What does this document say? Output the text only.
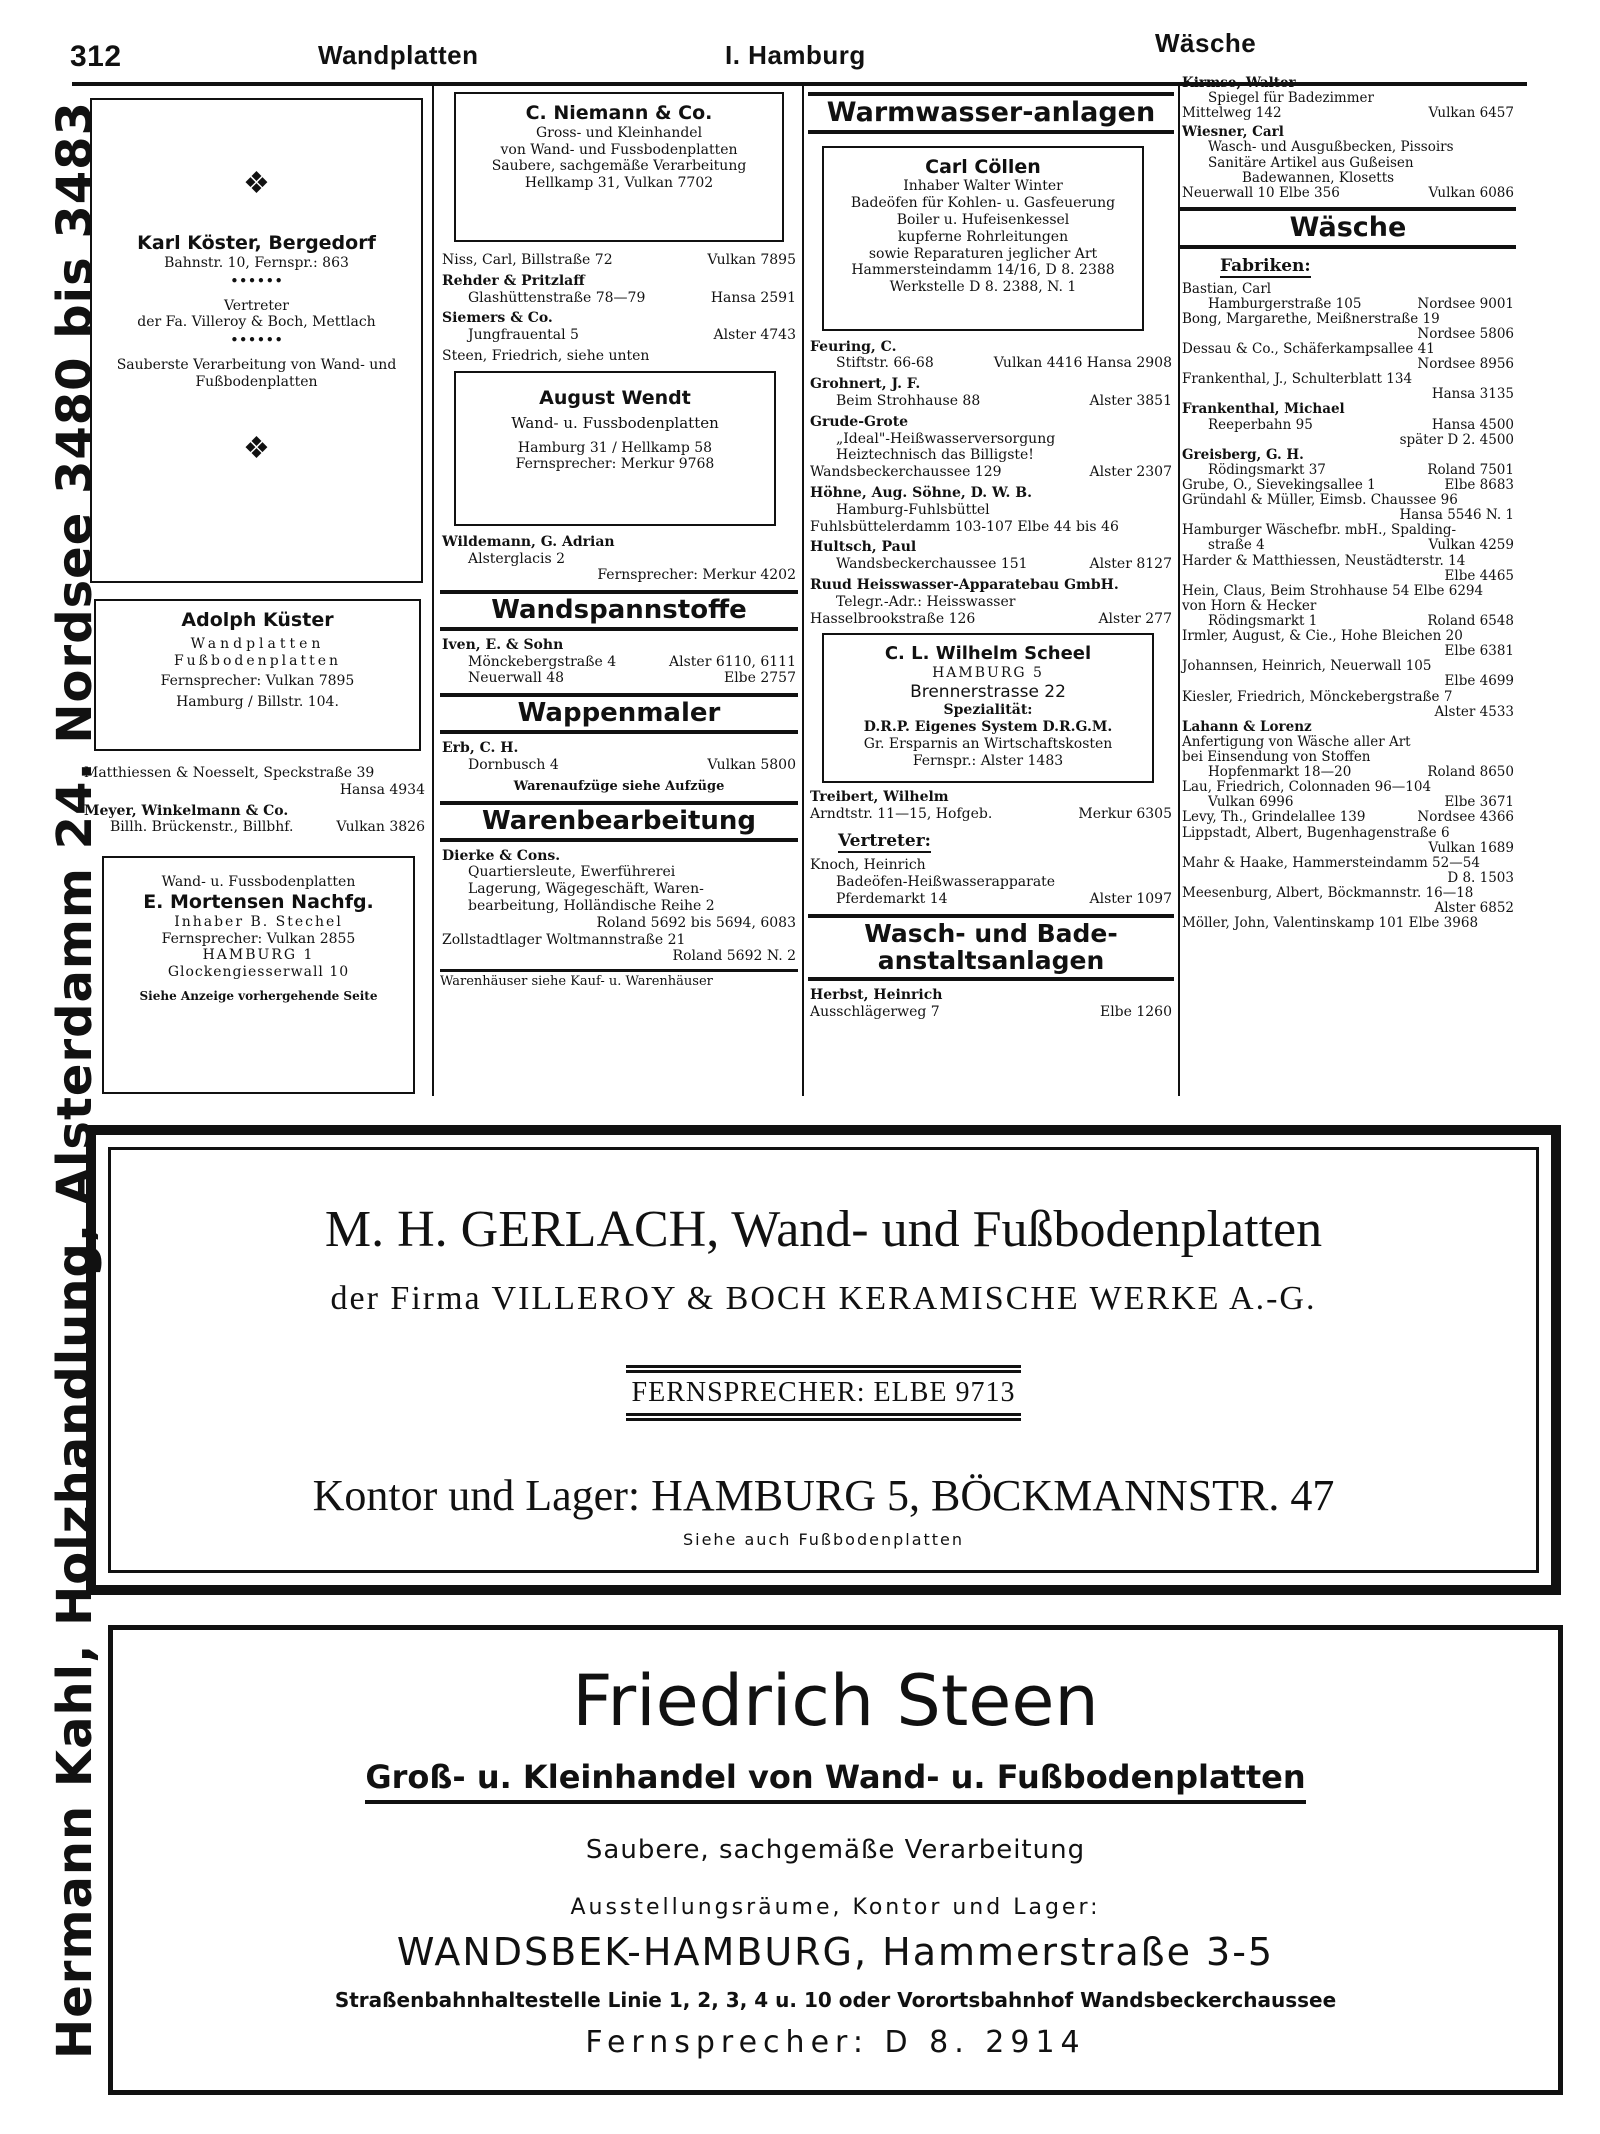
312	Wandplatten	I. Hamburg	Wäsche
Hermann Kahl, Holzhandlung, Alsterdamm 24. Nordsee 3480 bis 3483	❖
Karl Köster, Bergedorf
Bahnstr. 10, Fernspr.: 863
••••••
Vertreter
der Fa. Villeroy & Boch, Mettlach
••••••
Sauberste Verarbeitung von Wand- und Fußbodenplatten
❖
Adolph Küster
Wandplatten
Fußbodenplatten
Fernsprecher: Vulkan 7895
Hamburg / Billstr. 104.
Matthiessen & Noesselt, Speckstraße 39
Hansa 4934
Meyer, Winkelmann & Co.
Billh. Brückenstr., Billbhf.	Vulkan 3826
Wand- u. Fussbodenplatten
E. Mortensen Nachfg.
Inhaber B. Stechel
Fernsprecher: Vulkan 2855
HAMBURG 1
Glockengiesserwall 10
Siehe Anzeige vorhergehende Seite
C. Niemann & Co.
Gross- und Kleinhandel
von Wand- und Fussbodenplatten
Saubere, sachgemäße Verarbeitung
Hellkamp 31, Vulkan 7702
Niss, Carl, Billstraße 72	Vulkan 7895
Rehder & Pritzlaff
Glashüttenstraße 78—79	Hansa 2591
Siemers & Co.
Jungfrauental 5	Alster 4743
Steen, Friedrich, siehe unten
August Wendt
Wand- u. Fussbodenplatten
Hamburg 31 / Hellkamp 58
Fernsprecher: Merkur 9768
Wildemann, G. Adrian
Alsterglacis 2
Fernsprecher: Merkur 4202
Wandspannstoffe
Iven, E. & Sohn
Mönckebergstraße 4	Alster 6110, 6111
Neuerwall 48	Elbe 2757
Wappenmaler
Erb, C. H.
Dornbusch 4	Vulkan 5800
Warenaufzüge siehe Aufzüge
Warenbearbeitung
Dierke & Cons.
Quartiersleute, Ewerführerei
Lagerung, Wägegeschäft, Waren-
bearbeitung, Holländische Reihe 2
Roland 5692 bis 5694, 6083
Zollstadtlager Woltmannstraße 21
Roland 5692 N. 2
Warenhäuser siehe Kauf- u. Warenhäuser
Warmwasser-anlagen
Carl Cöllen
Inhaber Walter Winter
Badeöfen für Kohlen- u. Gasfeuerung
Boiler u. Hufeisenkessel
kupferne Rohrleitungen
sowie Reparaturen jeglicher Art
Hammersteindamm 14/16, D 8. 2388
Werkstelle D 8. 2388, N. 1
Feuring, C.
Stiftstr. 66-68	Vulkan 4416 Hansa 2908
Grohnert, J. F.
Beim Strohhause 88	Alster 3851
Grude-Grote
„Ideal"-Heißwasserversorgung
Heiztechnisch das Billigste!
Wandsbeckerchaussee 129	Alster 2307
Höhne, Aug. Söhne, D. W. B.
Hamburg-Fuhlsbüttel
Fuhlsbüttelerdamm 103-107 Elbe 44 bis 46
Hultsch, Paul
Wandsbeckerchaussee 151	Alster 8127
Ruud Heisswasser-Apparatebau GmbH.
Telegr.-Adr.: Heisswasser
Hasselbrookstraße 126	Alster 277
C. L. Wilhelm Scheel
HAMBURG 5
Brennerstrasse 22
Spezialität:
D.R.P. Eigenes System D.R.G.M.
Gr. Ersparnis an Wirtschaftskosten
Fernspr.: Alster 1483
Treibert, Wilhelm
Arndtstr. 11—15, Hofgeb.	Merkur 6305
Vertreter:
Knoch, Heinrich
Badeöfen-Heißwasserapparate
Pferdemarkt 14	Alster 1097
Wasch- und Bade-anstaltsanlagen
Herbst, Heinrich
Ausschlägerweg 7	Elbe 1260
Kirmse, Walter
Spiegel für Badezimmer
Mittelweg 142	Vulkan 6457
Wiesner, Carl
Wasch- und Ausgußbecken, Pissoirs
Sanitäre Artikel aus Gußeisen
Badewannen, Klosetts
Neuerwall 10 Elbe 356	Vulkan 6086
Wäsche
Fabriken:
Bastian, Carl
Hamburgerstraße 105	Nordsee 9001
Bong, Margarethe, Meißnerstraße 19
Nordsee 5806
Dessau & Co., Schäferkampsallee 41
Nordsee 8956
Frankenthal, J., Schulterblatt 134
Hansa 3135
Frankenthal, Michael
Reeperbahn 95	Hansa 4500
später D 2. 4500
Greisberg, G. H.
Rödingsmarkt 37	Roland 7501
Grube, O., Sievekingsallee 1	Elbe 8683
Gründahl & Müller, Eimsb. Chaussee 96
Hansa 5546 N. 1
Hamburger Wäschefbr. mbH., Spalding-
straße 4	Vulkan 4259
Harder & Matthiessen, Neustädterstr. 14
Elbe 4465
Hein, Claus, Beim Strohhause 54 Elbe 6294
von Horn & Hecker
Rödingsmarkt 1	Roland 6548
Irmler, August, & Cie., Hohe Bleichen 20
Elbe 6381
Johannsen, Heinrich, Neuerwall 105
Elbe 4699
Kiesler, Friedrich, Mönckebergstraße 7
Alster 4533
Lahann & Lorenz
Anfertigung von Wäsche aller Art
bei Einsendung von Stoffen
Hopfenmarkt 18—20	Roland 8650
Lau, Friedrich, Colonnaden 96—104
Vulkan 6996	Elbe 3671
Levy, Th., Grindelallee 139	Nordsee 4366
Lippstadt, Albert, Bugenhagenstraße 6
Vulkan 1689
Mahr & Haake, Hammersteindamm 52—54
D 8. 1503
Meesenburg, Albert, Böckmannstr. 16—18
Alster 6852
Möller, John, Valentinskamp 101 Elbe 3968
M. H. GERLACH, Wand- und Fußbodenplatten
der Firma VILLEROY & BOCH KERAMISCHE WERKE A.-G.
FERNSPRECHER: ELBE 9713
Kontor und Lager: HAMBURG 5, BÖCKMANNSTR. 47
Siehe auch Fußbodenplatten
Friedrich Steen
Groß- u. Kleinhandel von Wand- u. Fußbodenplatten
Saubere, sachgemäße Verarbeitung
Ausstellungsräume, Kontor und Lager:
WANDSBEK-HAMBURG, Hammerstraße 3-5
Straßenbahnhaltestelle Linie 1, 2, 3, 4 u. 10 oder Vorortsbahnhof Wandsbeckerchaussee
Fernsprecher: D 8. 2914
